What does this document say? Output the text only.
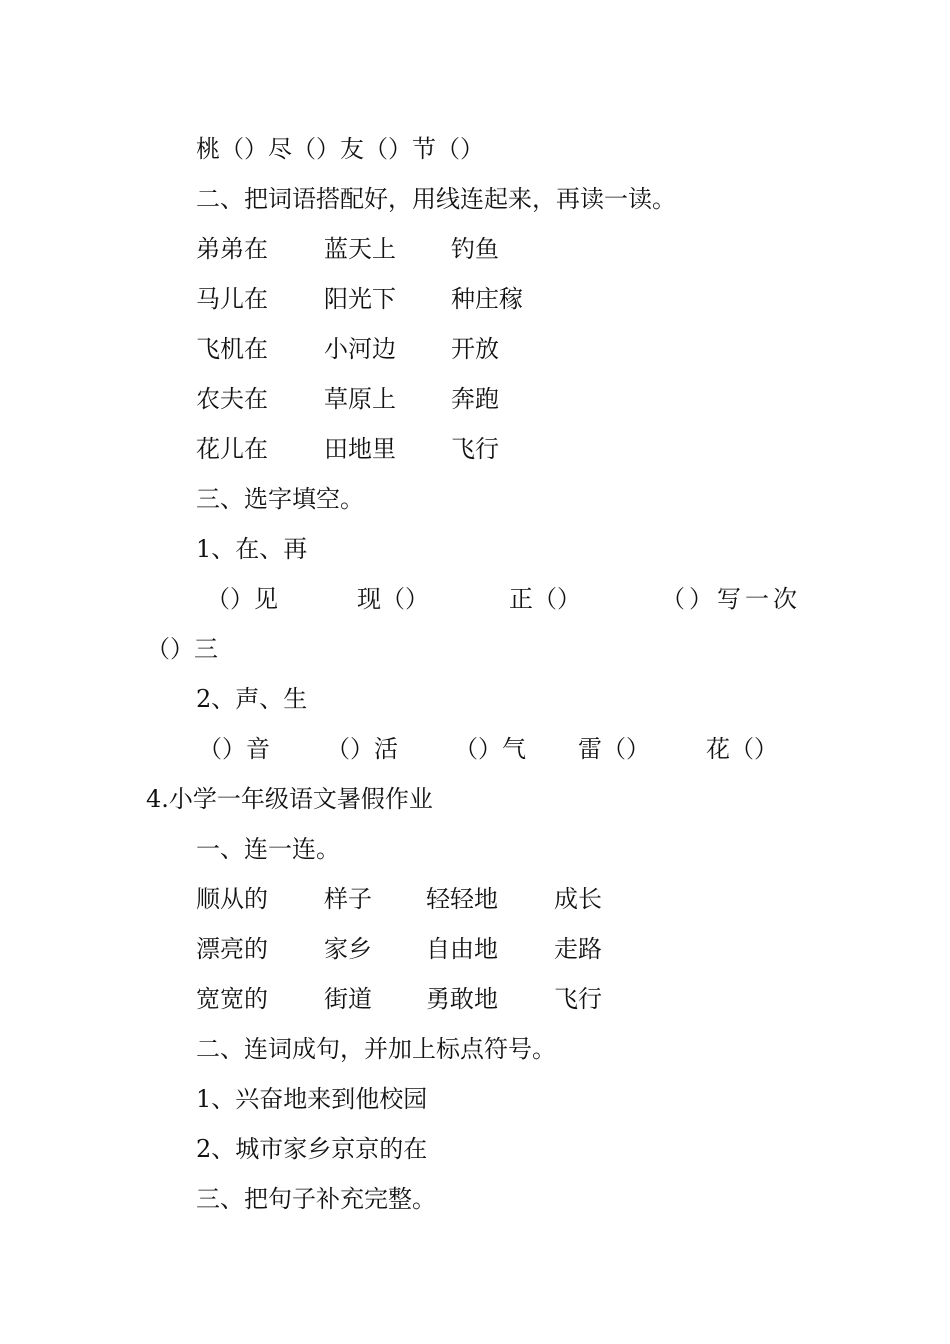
桃（）尽（）友（）节（）
二、把词语搭配好，用线连起来，再读一读。
弟弟在 蓝天上 钓鱼
马儿在 阳光下 种庄稼
飞机在 小河边 开放
农夫在 草原上 奔跑
花儿在 田地里 飞行
三、选字填空。
1、在、再
（）见	现（）	正（）	（）写一次
（）三
2、声、生
（）音 （）活 （）气 雷（） 花（）
4.小学一年级语文暑假作业
一、连一连。
顺从的 样子 轻轻地 成长
漂亮的 家乡 自由地 走路
宽宽的 街道 勇敢地 飞行
二、连词成句，并加上标点符号。
1、兴奋地来到他校园
2、城市家乡京京的在
三、把句子补充完整。
